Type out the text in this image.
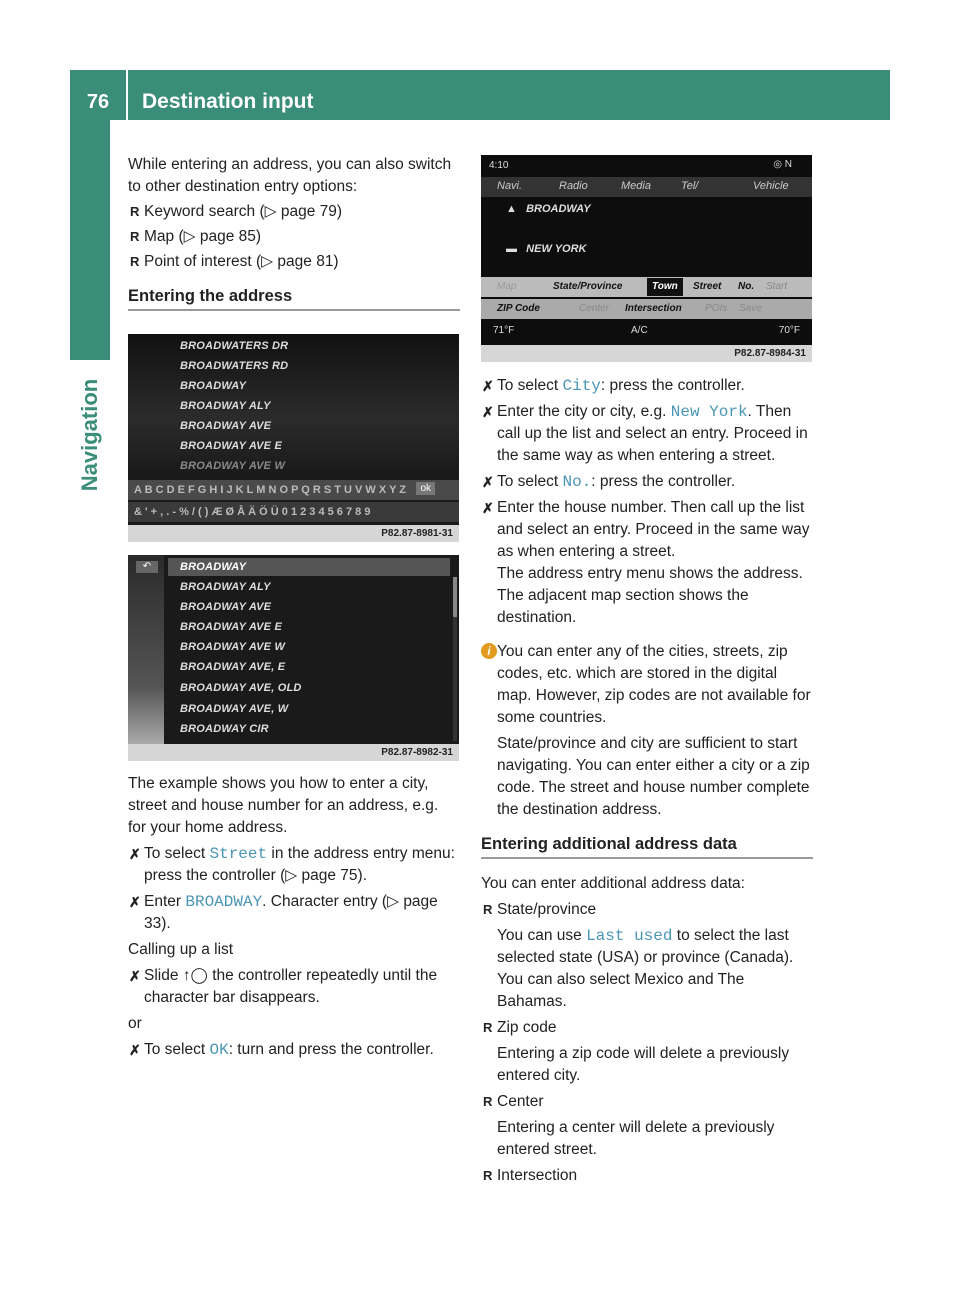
76	Destination input
Navigation

While entering an address, you can also switch to other destination entry options:

R Keyword search (▷ page 79)

R Map (▷ page 85)

R Point of interest (▷ page 81)

Entering the address
BROADWATERS DR
BROADWATERS RD
BROADWAY
BROADWAY ALY
BROADWAY AVE
BROADWAY AVE E
BROADWAY AVE W
A B C D E F G H I J K L M N O P Q R S T U V W X Y Z	ok
& ' + , . - % / ( ) Æ Ø Å Ä Ö Ü 0 1 2 3 4 5 6 7 8 9
P82.87-8981-31
↶	BROADWAY
BROADWAY ALY
BROADWAY AVE
BROADWAY AVE E
BROADWAY AVE W
BROADWAY AVE, E
BROADWAY AVE, OLD
BROADWAY AVE, W
BROADWAY CIR
P82.87-8982-31

The example shows you how to enter a city, street and house number for an address, e.g. for your home address.

✗ To select Street in the address entry menu: press the controller (▷ page 75).

✗ Enter BROADWAY. Character entry (▷ page 33).

Calling up a list

✗ Slide ↑◯ the controller repeatedly until the character bar disappears.

or

✗ To select OK: turn and press the controller.

4:10	◎ N
Navi.	Radio	Media	Tel/	Vehicle
▲   BROADWAY
▬   NEW YORK
Map	State/Province	Town Street No. Start
ZIP Code	Center Intersection POIs Save
71°F	A/C	70°F
P82.87-8984-31

✗ To select City: press the controller.

✗ Enter the city or city, e.g. New York. Then call up the list and select an entry. Proceed in the same way as when entering a street.

✗ To select No.: press the controller.

✗ Enter the house number. Then call up the list and select an entry. Proceed in the same way as when entering a street.

The address entry menu shows the address. The adjacent map section shows the destination.

i You can enter any of the cities, streets, zip codes, etc. which are stored in the digital map. However, zip codes are not available for some countries.

State/province and city are sufficient to start navigating. You can enter either a city or a zip code. The street and house number complete the destination address.

Entering additional address data

You can enter additional address data:

R State/province

You can use Last used to select the last selected state (USA) or province (Canada). You can also select Mexico and The Bahamas.

R Zip code

Entering a zip code will delete a previously entered city.

R Center

Entering a center will delete a previously entered street.

R Intersection
